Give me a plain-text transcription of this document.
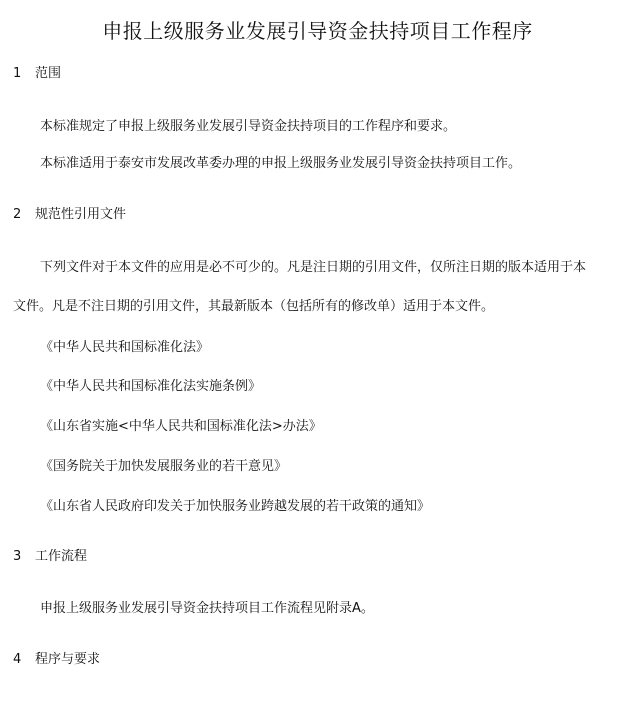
申报上级服务业发展引导资金扶持项目工作程序
1 范围
本标准规定了申报上级服务业发展引导资金扶持项目的工作程序和要求。
本标准适用于泰安市发展改革委办理的申报上级服务业发展引导资金扶持项目工作。
2 规范性引用文件
下列文件对于本文件的应用是必不可少的。凡是注日期的引用文件，仅所注日期的版本适用于本
文件。凡是不注日期的引用文件，其最新版本（包括所有的修改单）适用于本文件。
《中华人民共和国标准化法》
《中华人民共和国标准化法实施条例》
《山东省实施<中华人民共和国标准化法>办法》
《国务院关于加快发展服务业的若干意见》
《山东省人民政府印发关于加快服务业跨越发展的若干政策的通知》
3 工作流程
申报上级服务业发展引导资金扶持项目工作流程见附录A。
4 程序与要求
